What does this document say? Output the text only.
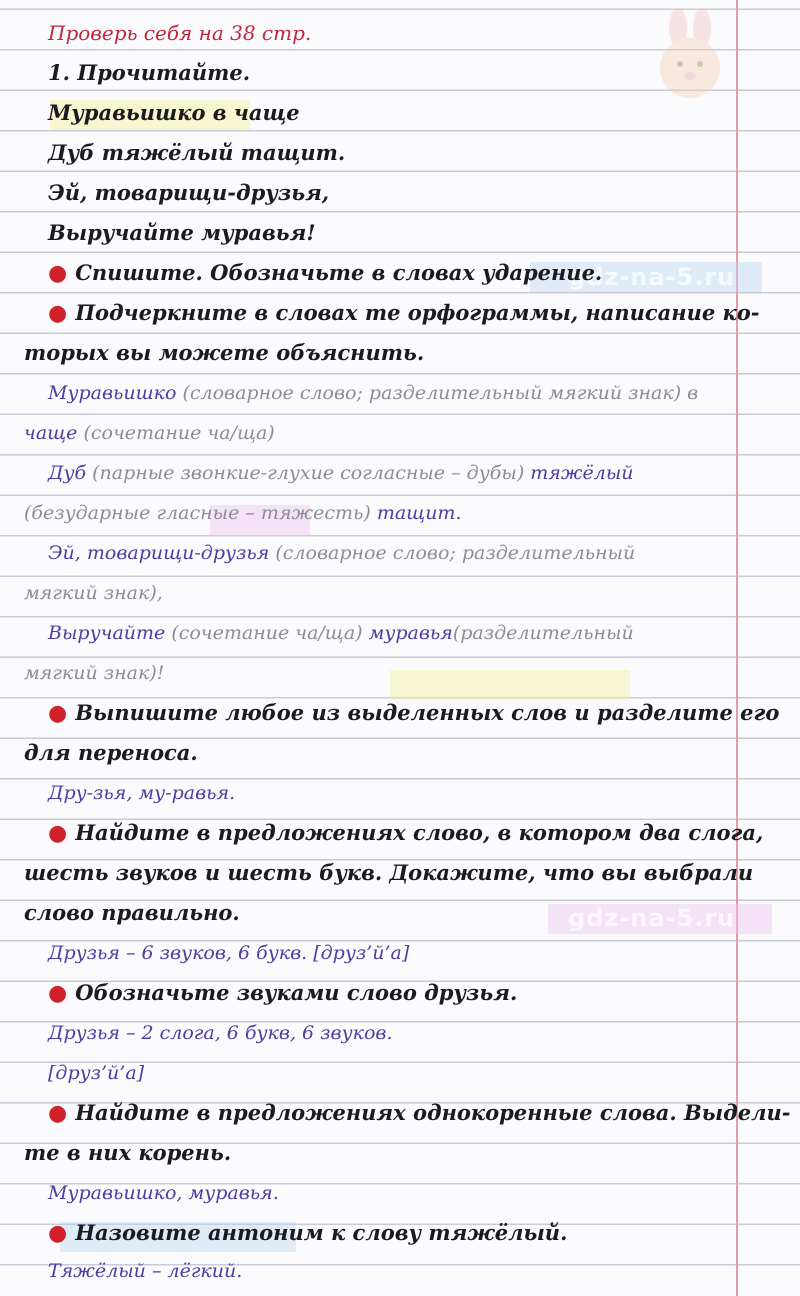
gdz-na-5.ru
gdz-na-5.ru
Проверь себя на 38 стр.
1. Прочитайте.
Муравьишко в чаще
Дуб тяжёлый тащит.
Эй, товарищи-друзья,
Выручайте муравья!
● Спишите. Обозначьте в словах ударение.
● Подчеркните в словах те орфограммы, написание ко-
торых вы можете объяснить.
Муравьишко (словарное слово; разделительный мягкий знак) в
чаще (сочетание ча/ща)
Дуб (парные звонкие-глухие согласные – дубы) тяжёлый
(безударные гласные – тяжесть) тащит.
Эй, товарищи-друзья (словарное слово; разделительный
мягкий знак),
Выручайте (сочетание ча/ща) муравья(разделительный
мягкий знак)!
● Выпишите любое из выделенных слов и разделите его
для переноса.
Дру-зья, му-равья.
● Найдите в предложениях слово, в котором два слога,
шесть звуков и шесть букв. Докажите, что вы выбрали
слово правильно.
Друзья – 6 звуков, 6 букв. [друз’й’а]
● Обозначьте звуками слово друзья.
Друзья – 2 слога, 6 букв, 6 звуков.
[друз’й’а]
● Найдите в предложениях однокоренные слова. Выдели-
те в них корень.
Муравьишко, муравья.
● Назовите антоним к слову тяжёлый.
Тяжёлый – лёгкий.
